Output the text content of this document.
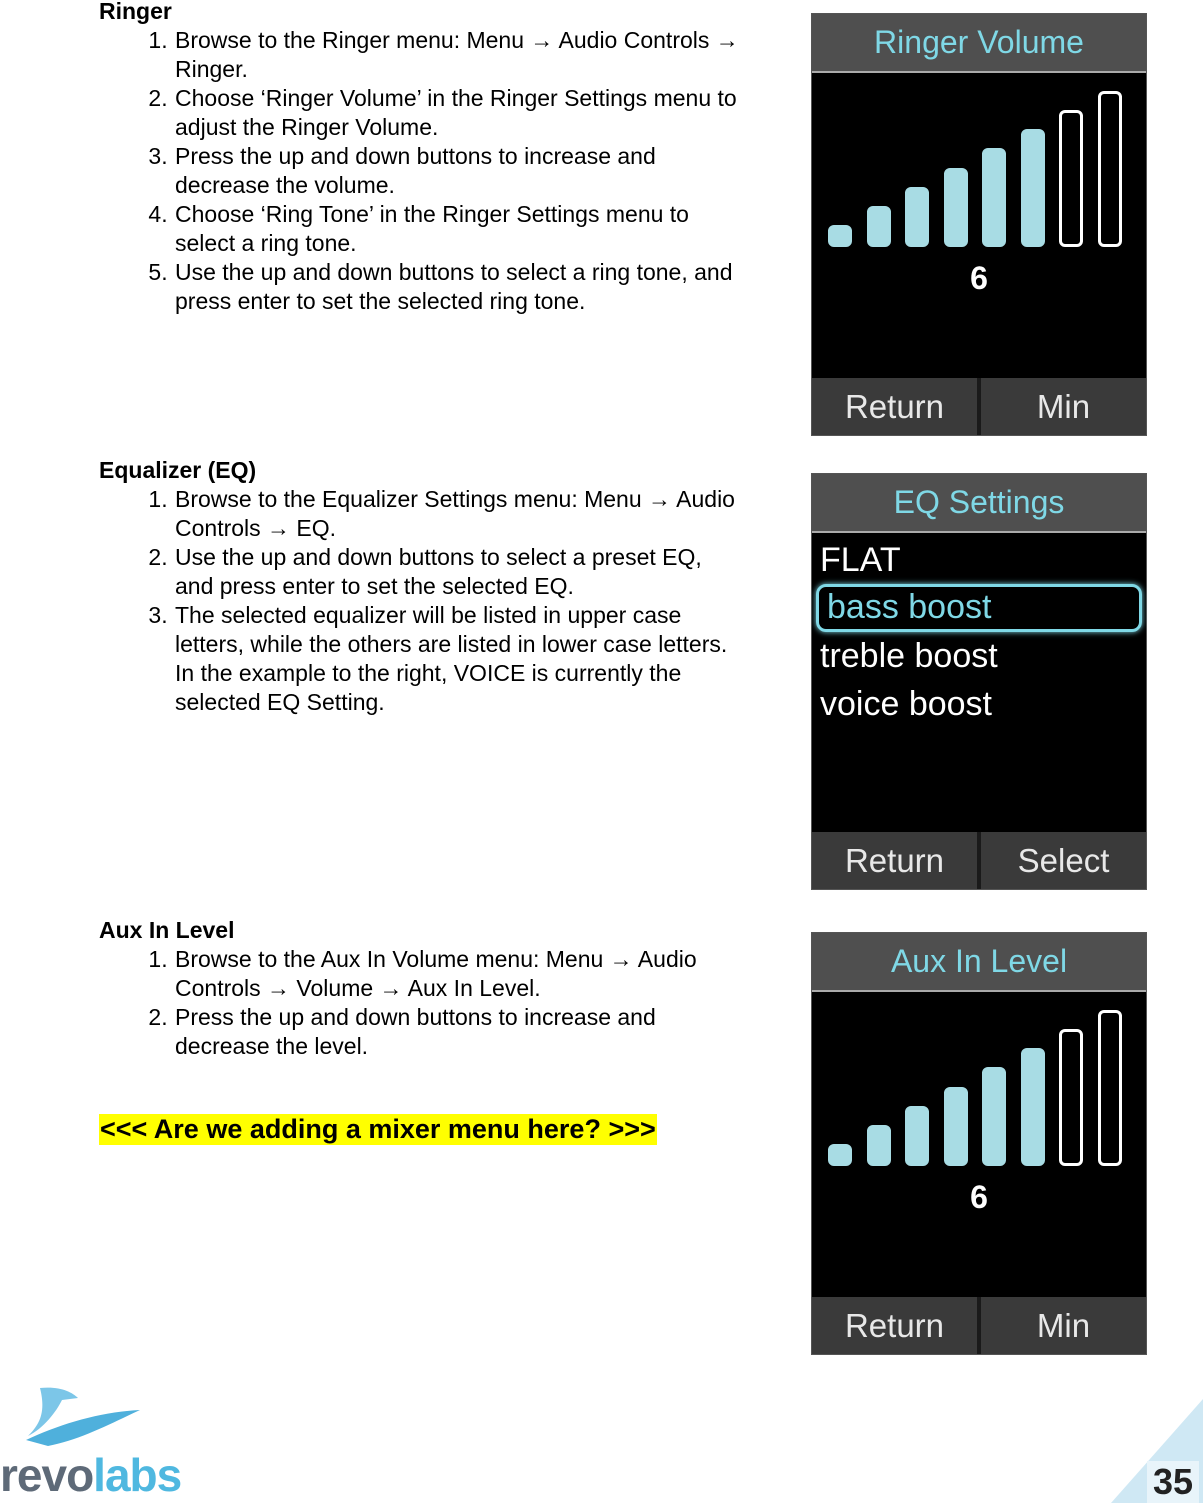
Ringer
1. Browse to the Ringer menu: Menu → Audio Controls → Ringer.
2. Choose ‘Ringer Volume’ in the Ringer Settings menu to adjust the Ringer Volume.
3. Press the up and down buttons to increase and decrease the volume.
4. Choose ‘Ring Tone’ in the Ringer Settings menu to select a ring tone.
5. Use the up and down buttons to select a ring tone, and press enter to set the selected ring tone.
Equalizer (EQ)
1. Browse to the Equalizer Settings menu: Menu → Audio Controls → EQ.
2. Use the up and down buttons to select a preset EQ, and press enter to set the selected EQ.
3. The selected equalizer will be listed in upper case letters, while the others are listed in lower case letters. In the example to the right, VOICE is currently the selected EQ Setting.
Aux In Level
1. Browse to the Aux In Volume menu: Menu → Audio Controls → Volume → Aux In Level.
2. Press the up and down buttons to increase and decrease the level.
<<< Are we adding a mixer menu here? >>>
Ringer Volume
6
Return	Min
EQ Settings
FLAT
bass boost
treble boost
voice boost
Return	Select
Aux In Level
6
Return	Min
revolabs	35
